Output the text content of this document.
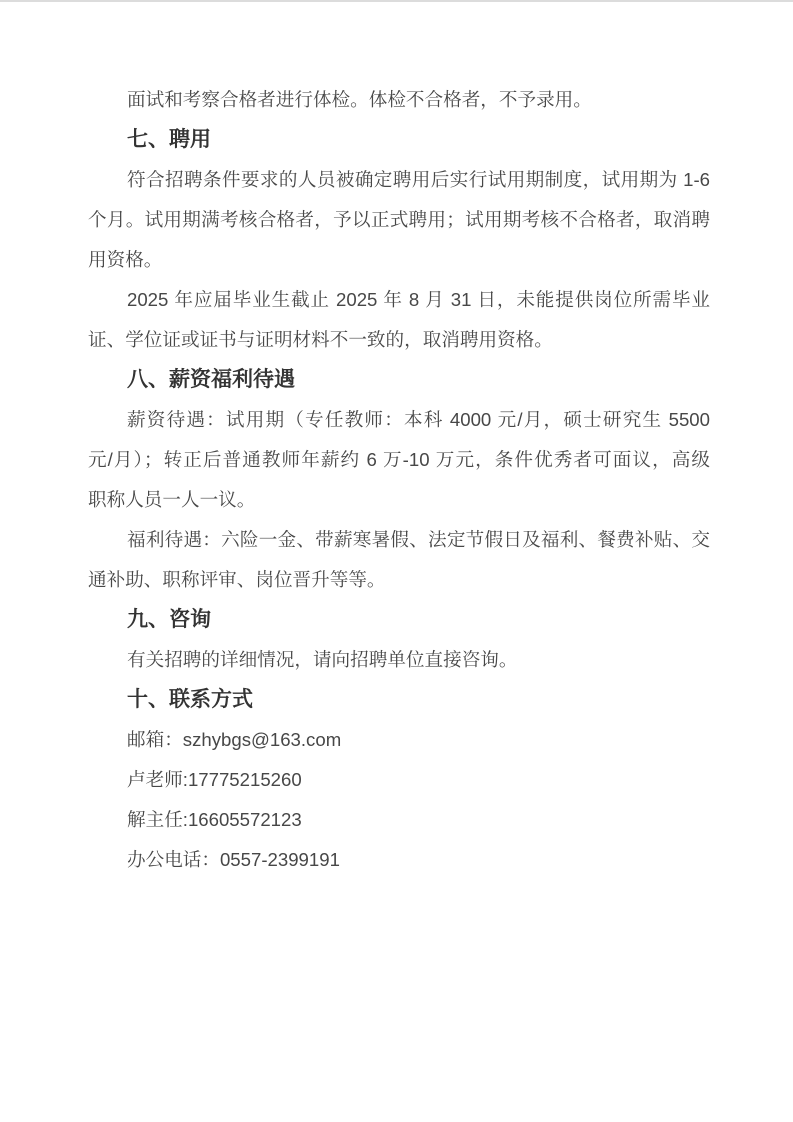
面试和考察合格者进行体检。体检不合格者，不予录用。
七、聘用
符合招聘条件要求的人员被确定聘用后实行试用期制度，试用期为 1-6
个月。试用期满考核合格者，予以正式聘用；试用期考核不合格者，取消聘
用资格。
2025 年应届毕业生截止 2025 年 8 月 31 日，未能提供岗位所需毕业
证、学位证或证书与证明材料不一致的，取消聘用资格。
八、薪资福利待遇
薪资待遇：试用期（专任教师：本科 4000 元/月，硕士研究生 5500
元/月）；转正后普通教师年薪约 6 万-10 万元，条件优秀者可面议，高级
职称人员一人一议。
福利待遇：六险一金、带薪寒暑假、法定节假日及福利、餐费补贴、交
通补助、职称评审、岗位晋升等等。
九、咨询
有关招聘的详细情况，请向招聘单位直接咨询。
十、联系方式
邮箱：szhybgs@163.com
卢老师:17775215260
解主任:16605572123
办公电话：0557-2399191
